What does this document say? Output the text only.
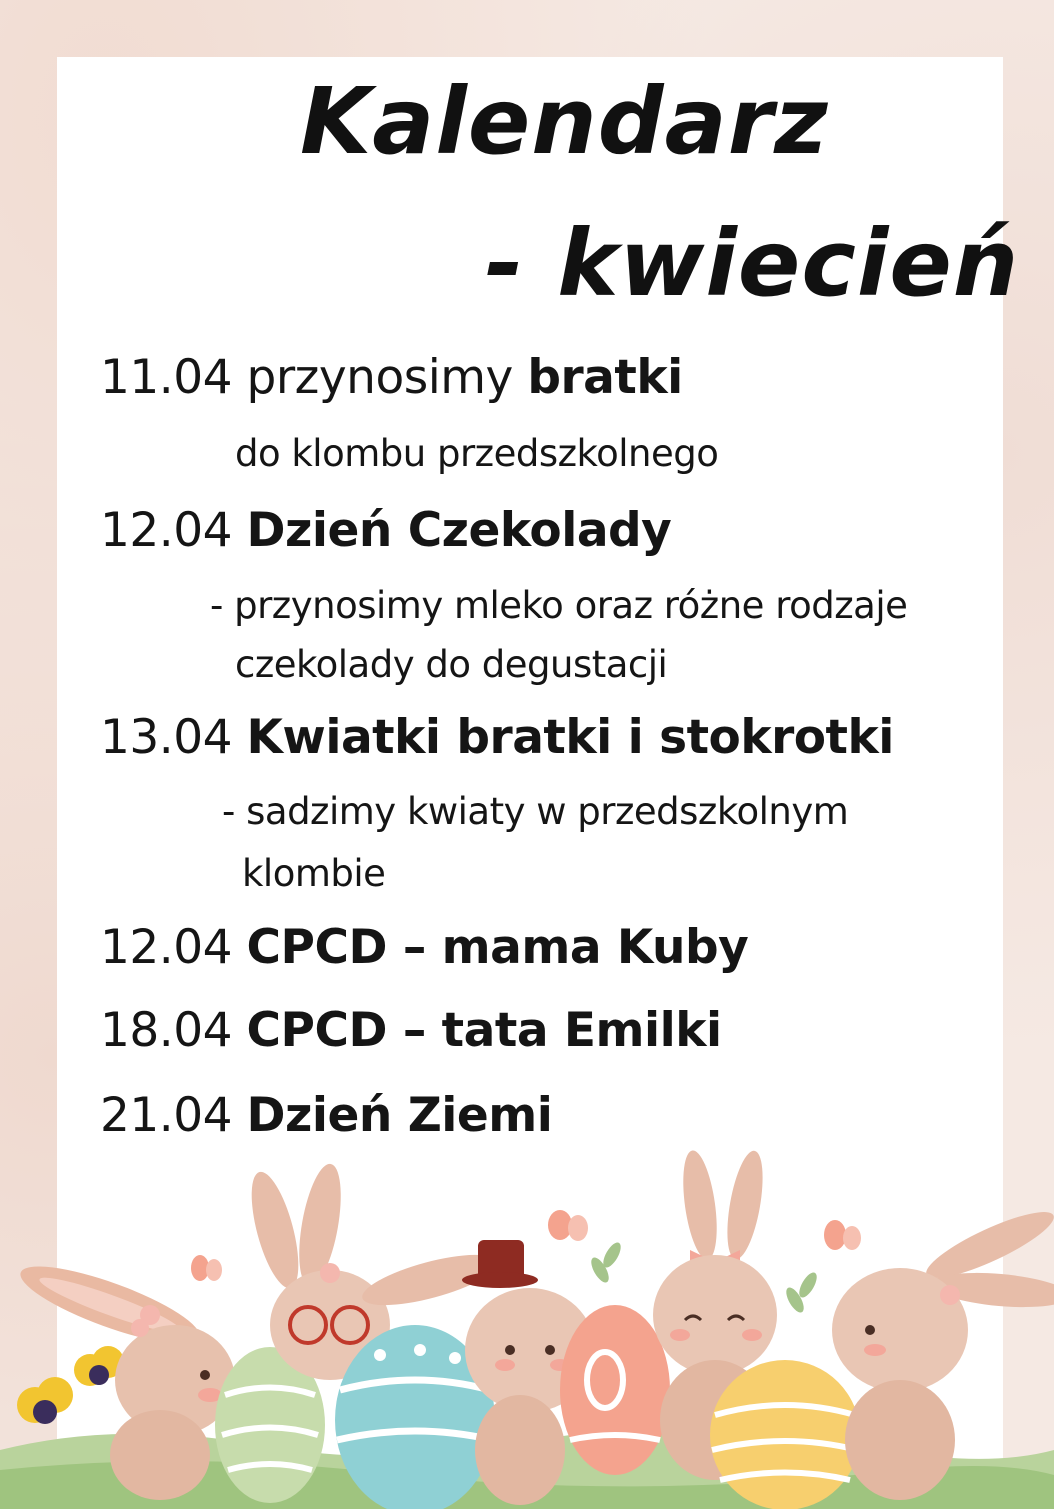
Kalendarz
- kwiecień

11.04 przynosimy bratki

do klombu przedszkolnego

12.04 Dzień Czekolady

- przynosimy mleko oraz różne rodzaje

czekolady do degustacji

13.04 Kwiatki bratki i stokrotki

- sadzimy kwiaty w przedszkolnym

klombie

12.04 CPCD – mama Kuby

18.04 CPCD – tata Emilki

21.04 Dzień Ziemi
